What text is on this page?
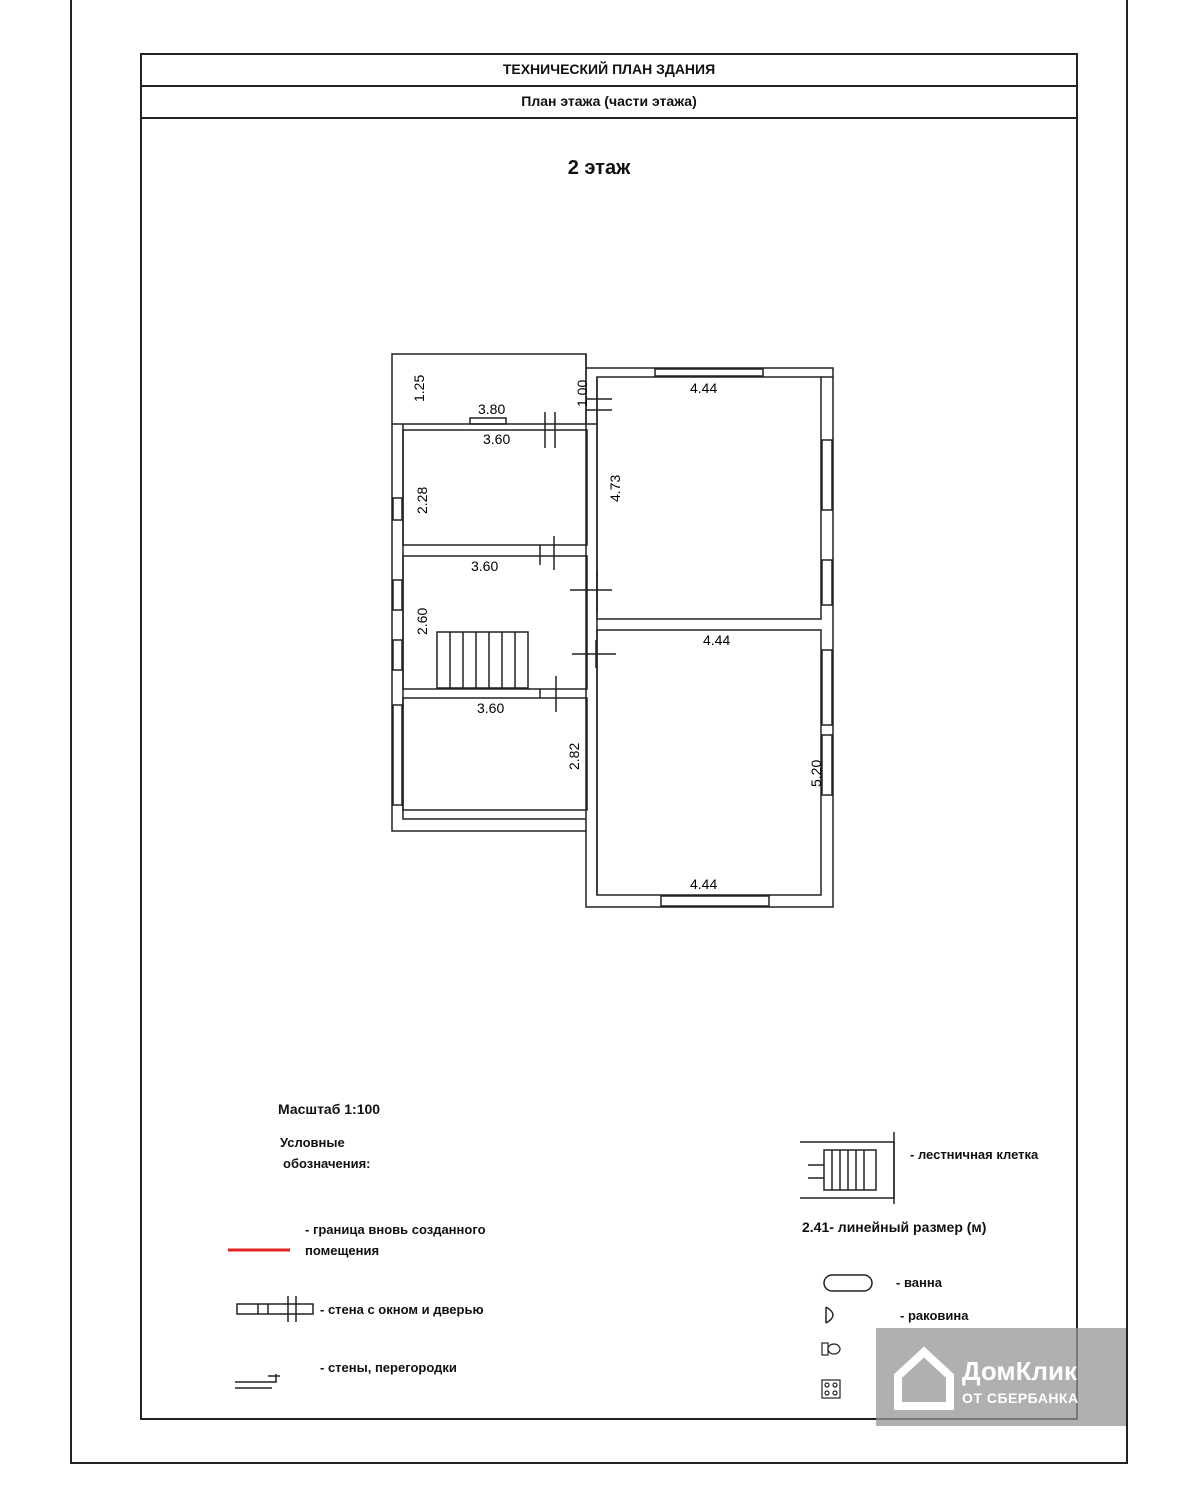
ТЕХНИЧЕСКИЙ ПЛАН ЗДАНИЯ
План этажа (части этажа)
2 этаж
1.25
3.80
1.00
3.60
2.28
3.60
2.60
3.60
2.82
4.44
4.73
4.44
5.20
4.44
Масштаб 1:100
Условные
обозначения:
- граница вновь созданного
помещения
- стена с окном и дверью
- стены, перегородки
- лестничная клетка
2.41- линейный размер (м)
- ванна
- раковина
ДомКлик
ОТ СБЕРБАНКА
